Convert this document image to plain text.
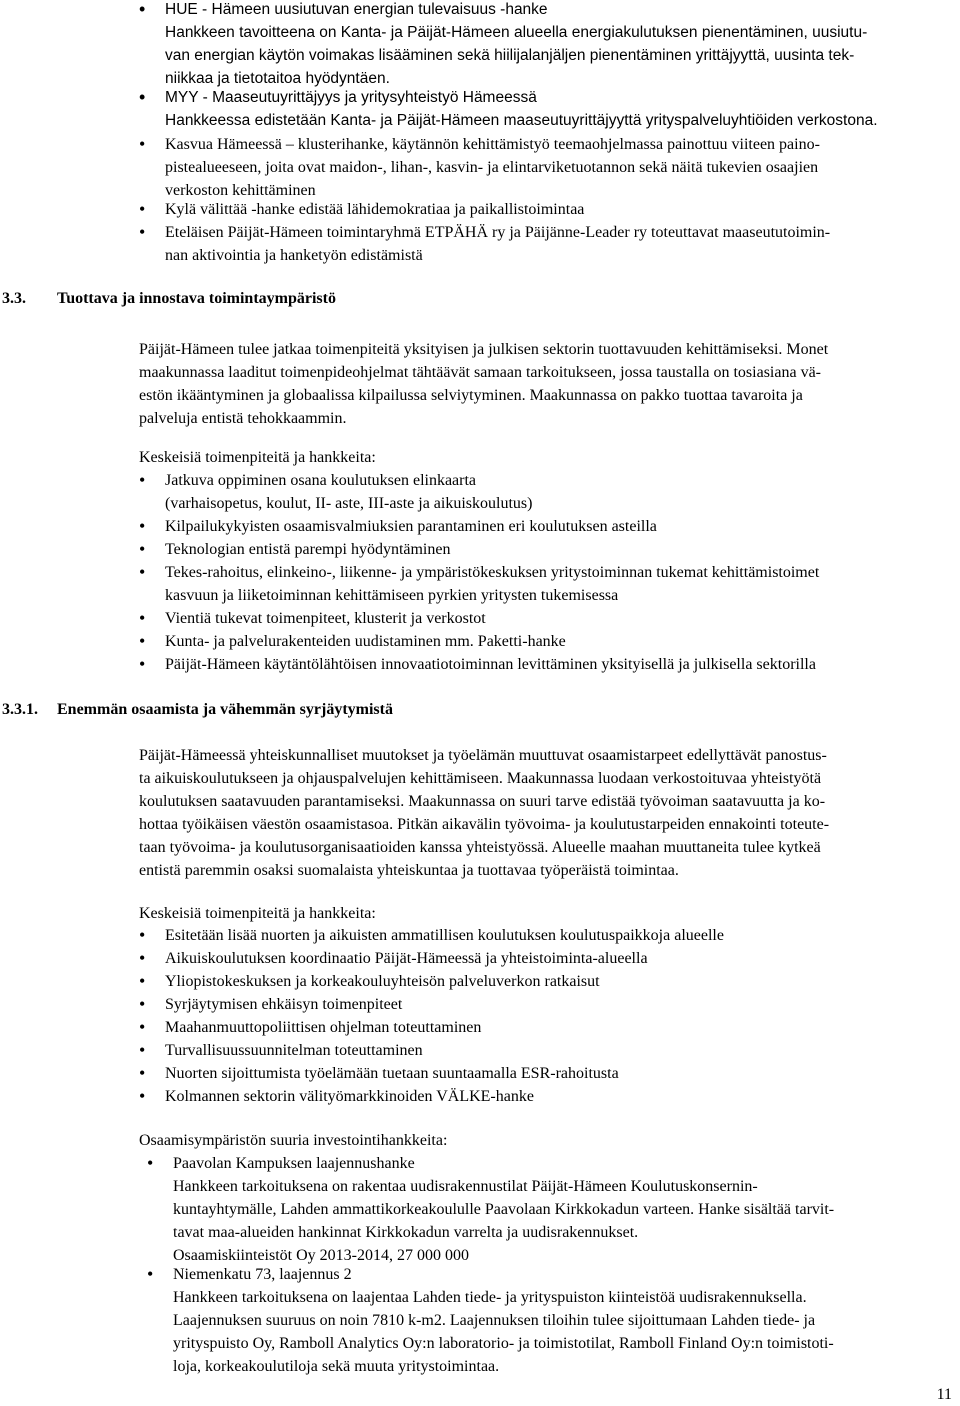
• HUE - Hämeen uusiutuvan energian tulevaisuus -hanke
Hankkeen tavoitteena on Kanta- ja Päijät-Hämeen alueella energiakulutuksen pienentäminen, uusiutu-
van energian käytön voimakas lisääminen sekä hiilijalanjäljen pienentäminen yrittäjyyttä, uusinta tek-
niikkaa ja tietotaitoa hyödyntäen.
• MYY - Maaseutuyrittäjyys ja yritysyhteistyö Hämeessä
Hankkeessa edistetään Kanta- ja Päijät-Hämeen maaseutuyrittäjyyttä yrityspalveluyhtiöiden verkostona.
• Kasvua Hämeessä – klusterihanke, käytännön kehittämistyö teemaohjelmassa painottuu viiteen paino-
pistealueeseen, joita ovat maidon-, lihan-, kasvin- ja elintarviketuotannon sekä näitä tukevien osaajien
verkoston kehittäminen
• Kylä välittää -hanke edistää lähidemokratiaa ja paikallistoimintaa
• Eteläisen Päijät-Hämeen toimintaryhmä ETPÄHÄ ry ja Päijänne-Leader ry toteuttavat maaseututoimin-
nan aktivointia ja hanketyön edistämistä
3.3. Tuottava ja innostava toimintaympäristö
Päijät-Hämeen tulee jatkaa toimenpiteitä yksityisen ja julkisen sektorin tuottavuuden kehittämiseksi. Monet
maakunnassa laaditut toimenpideohjelmat tähtäävät samaan tarkoitukseen, jossa taustalla on tosiasiana vä-
estön ikääntyminen ja globaalissa kilpailussa selviytyminen. Maakunnassa on pakko tuottaa tavaroita ja
palveluja entistä tehokkaammin.
Keskeisiä toimenpiteitä ja hankkeita:
• Jatkuva oppiminen osana koulutuksen elinkaarta
(varhaisopetus, koulut, II- aste, III-aste ja aikuiskoulutus)
• Kilpailukykyisten osaamisvalmiuksien parantaminen eri koulutuksen asteilla
• Teknologian entistä parempi hyödyntäminen
• Tekes-rahoitus, elinkeino-, liikenne- ja ympäristökeskuksen yritystoiminnan tukemat kehittämistoimet
kasvuun ja liiketoiminnan kehittämiseen pyrkien yritysten tukemisessa
• Vientiä tukevat toimenpiteet, klusterit ja verkostot
• Kunta- ja palvelurakenteiden uudistaminen mm. Paketti-hanke
• Päijät-Hämeen käytäntölähtöisen innovaatiotoiminnan levittäminen yksityisellä ja julkisella sektorilla
3.3.1. Enemmän osaamista ja vähemmän syrjäytymistä
Päijät-Hämeessä yhteiskunnalliset muutokset ja työelämän muuttuvat osaamistarpeet edellyttävät panostus-
ta aikuiskoulutukseen ja ohjauspalvelujen kehittämiseen. Maakunnassa luodaan verkostoituvaa yhteistyötä
koulutuksen saatavuuden parantamiseksi. Maakunnassa on suuri tarve edistää työvoiman saatavuutta ja ko-
hottaa työikäisen väestön osaamistasoa. Pitkän aikavälin työvoima- ja koulutustarpeiden ennakointi toteute-
taan työvoima- ja koulutusorganisaatioiden kanssa yhteistyössä. Alueelle maahan muuttaneita tulee kytkeä
entistä paremmin osaksi suomalaista yhteiskuntaa ja tuottavaa työperäistä toimintaa.
Keskeisiä toimenpiteitä ja hankkeita:
• Esitetään lisää nuorten ja aikuisten ammatillisen koulutuksen koulutuspaikkoja alueelle
• Aikuiskoulutuksen koordinaatio Päijät-Hämeessä ja yhteistoiminta-alueella
• Yliopistokeskuksen ja korkeakouluyhteisön palveluverkon ratkaisut
• Syrjäytymisen ehkäisyn toimenpiteet
• Maahanmuuttopoliittisen ohjelman toteuttaminen
• Turvallisuussuunnitelman toteuttaminen
• Nuorten sijoittumista työelämään tuetaan suuntaamalla ESR-rahoitusta
• Kolmannen sektorin välityömarkkinoiden VÄLKE-hanke
Osaamisympäristön suuria investointihankkeita:
• Paavolan Kampuksen laajennushanke
Hankkeen tarkoituksena on rakentaa uudisrakennustilat Päijät-Hämeen Koulutuskonsernin-
kuntayhtymälle, Lahden ammattikorkeakoululle Paavolaan Kirkkokadun varteen. Hanke sisältää tarvit-
tavat maa-alueiden hankinnat Kirkkokadun varrelta ja uudisrakennukset.
Osaamiskiinteistöt Oy 2013-2014, 27 000 000
• Niemenkatu 73, laajennus 2
Hankkeen tarkoituksena on laajentaa Lahden tiede- ja yrityspuiston kiinteistöä uudisrakennuksella.
Laajennuksen suuruus on noin 7810 k-m2. Laajennuksen tiloihin tulee sijoittumaan Lahden tiede- ja
yrityspuisto Oy, Ramboll Analytics Oy:n laboratorio- ja toimistotilat, Ramboll Finland Oy:n toimistoti-
loja, korkeakoulutiloja sekä muuta yritystoimintaa.
11
